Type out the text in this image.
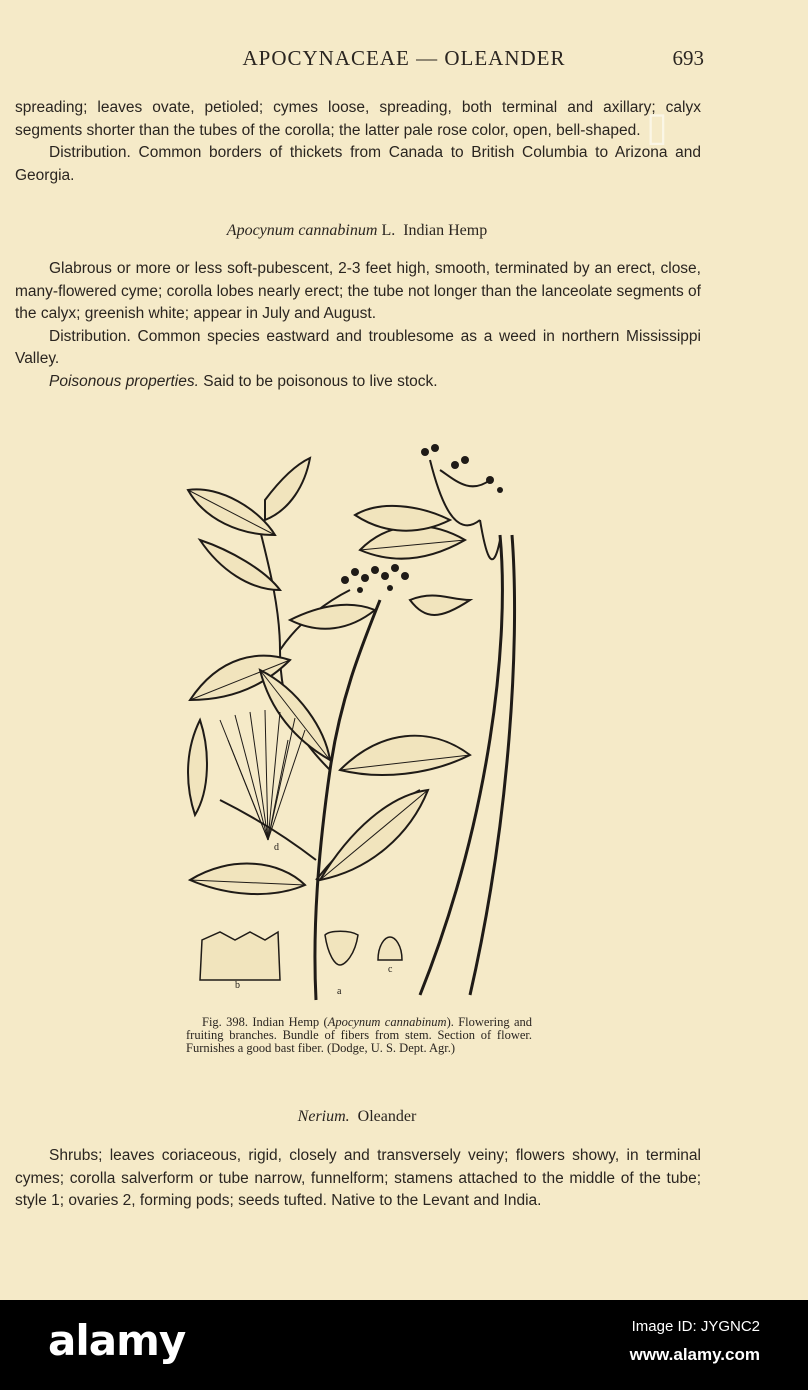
APOCYNACEAE — OLEANDER	693

spreading; leaves ovate, petioled; cymes loose, spreading, both terminal and axillary; calyx segments shorter than the tubes of the corolla; the latter pale rose color, open, bell-shaped.

Distribution. Common borders of thickets from Canada to British Columbia to Arizona and Georgia.

Apocynum cannabinum L. Indian Hemp

Glabrous or more or less soft-pubescent, 2-3 feet high, smooth, terminated by an erect, close, many-flowered cyme; corolla lobes nearly erect; the tube not longer than the lanceolate segments of the calyx; greenish white; appear in July and August.

Distribution. Common species eastward and troublesome as a weed in northern Mississippi Valley.

Poisonous properties. Said to be poisonous to live stock.

d
b
a
c
Fig. 398. Indian Hemp (Apocynum cannabinum). Flowering and fruiting branches. Bundle of fibers from stem. Section of flower. Furnishes a good bast fiber. (Dodge, U. S. Dept. Agr.)
Nerium. Oleander

Shrubs; leaves coriaceous, rigid, closely and transversely veiny; flowers showy, in terminal cymes; corolla salverform or tube narrow, funnelform; stamens attached to the middle of the tube; style 1; ovaries 2, forming pods; seeds tufted. Native to the Levant and India.

▯
alamy	Image ID: JYGNC2
www.alamy.com
